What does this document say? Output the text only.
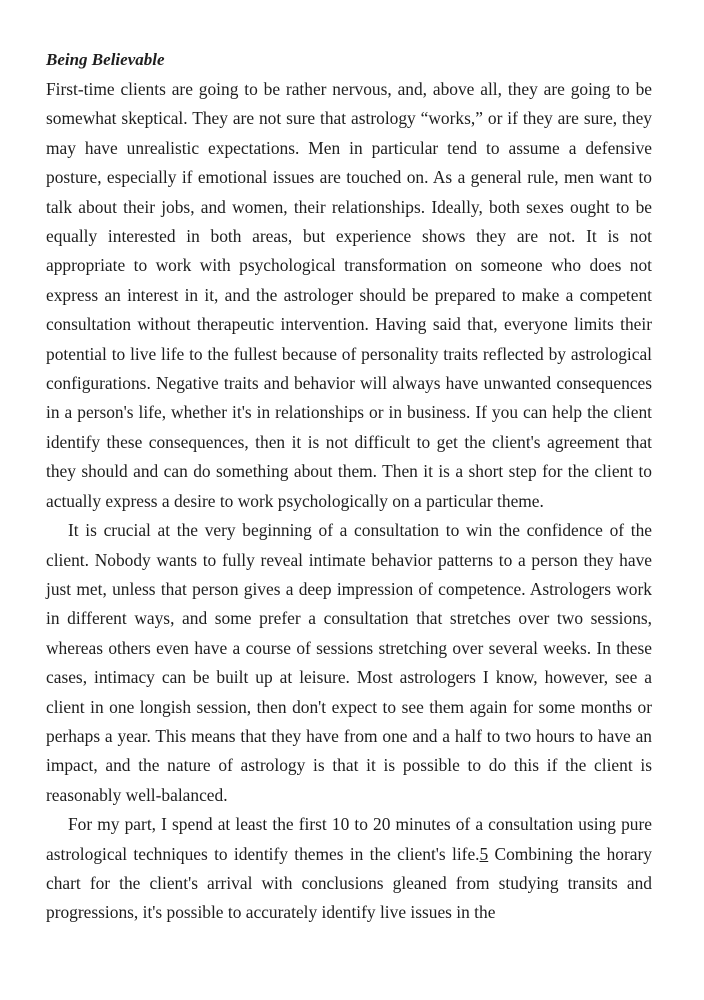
Being Believable

First-time clients are going to be rather nervous, and, above all, they are going to be somewhat skeptical. They are not sure that astrology “works,” or if they are sure, they may have unrealistic expectations. Men in particular tend to assume a defensive posture, especially if emotional issues are touched on. As a general rule, men want to talk about their jobs, and women, their relationships. Ideally, both sexes ought to be equally interested in both areas, but experience shows they are not. It is not appropriate to work with psychological transformation on someone who does not express an interest in it, and the astrologer should be prepared to make a competent consultation without therapeutic intervention. Having said that, everyone limits their potential to live life to the fullest because of personality traits reflected by astrological configurations. Negative traits and behavior will always have unwanted consequences in a person's life, whether it's in relationships or in business. If you can help the client identify these consequences, then it is not difficult to get the client's agreement that they should and can do something about them. Then it is a short step for the client to actually express a desire to work psychologically on a particular theme.

It is crucial at the very beginning of a consultation to win the confidence of the client. Nobody wants to fully reveal intimate behavior patterns to a person they have just met, unless that person gives a deep impression of competence. Astrologers work in different ways, and some prefer a consultation that stretches over two sessions, whereas others even have a course of sessions stretching over several weeks. In these cases, intimacy can be built up at leisure. Most astrologers I know, however, see a client in one longish session, then don't expect to see them again for some months or perhaps a year. This means that they have from one and a half to two hours to have an impact, and the nature of astrology is that it is possible to do this if the client is reasonably well-balanced.

For my part, I spend at least the first 10 to 20 minutes of a consultation using pure astrological techniques to identify themes in the client's life.5 Combining the horary chart for the client's arrival with conclusions gleaned from studying transits and progressions, it's possible to accurately identify live issues in the
